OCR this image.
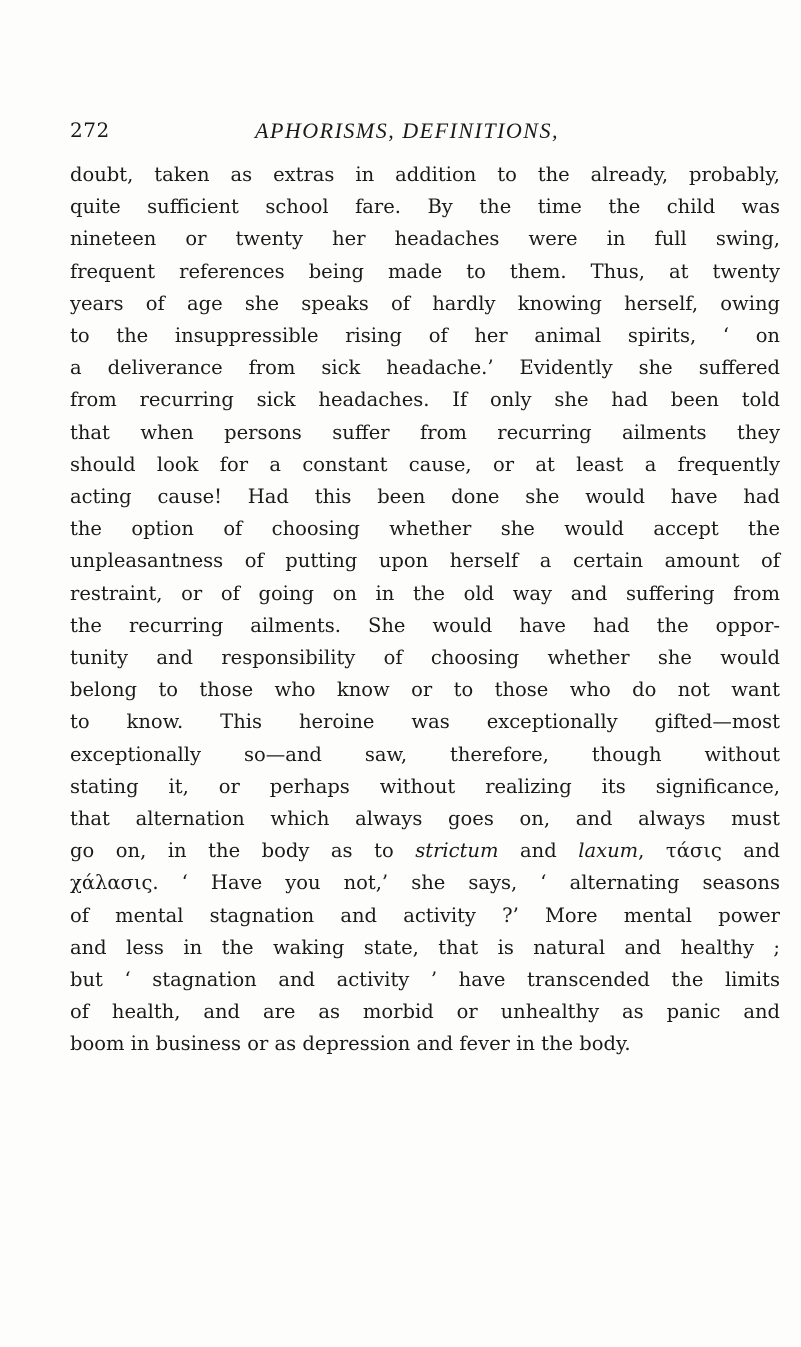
272	APHORISMS, DEFINITIONS,
doubt, taken as extras in addition to the already, probably,
quite sufficient school fare. By the time the child was
nineteen or twenty her headaches were in full swing,
frequent references being made to them. Thus, at twenty
years of age she speaks of hardly knowing herself, owing
to the insuppressible rising of her animal spirits, ‘ on
a deliverance from sick headache.’ Evidently she suffered
from recurring sick headaches. If only she had been told
that when persons suffer from recurring ailments they
should look for a constant cause, or at least a frequently
acting cause! Had this been done she would have had
the option of choosing whether she would accept the
unpleasantness of putting upon herself a certain amount of
restraint, or of going on in the old way and suffering from
the recurring ailments. She would have had the oppor-
tunity and responsibility of choosing whether she would
belong to those who know or to those who do not want
to know. This heroine was exceptionally gifted—most
exceptionally so—and saw, therefore, though without
stating it, or perhaps without realizing its significance,
that alternation which always goes on, and always must
go on, in the body as to strictum and laxum, τάσις and
χάλασις. ‘ Have you not,’ she says, ‘ alternating seasons
of mental stagnation and activity ?’ More mental power
and less in the waking state, that is natural and healthy ;
but ‘ stagnation and activity ’ have transcended the limits
of health, and are as morbid or unhealthy as panic and
boom in business or as depression and fever in the body.
